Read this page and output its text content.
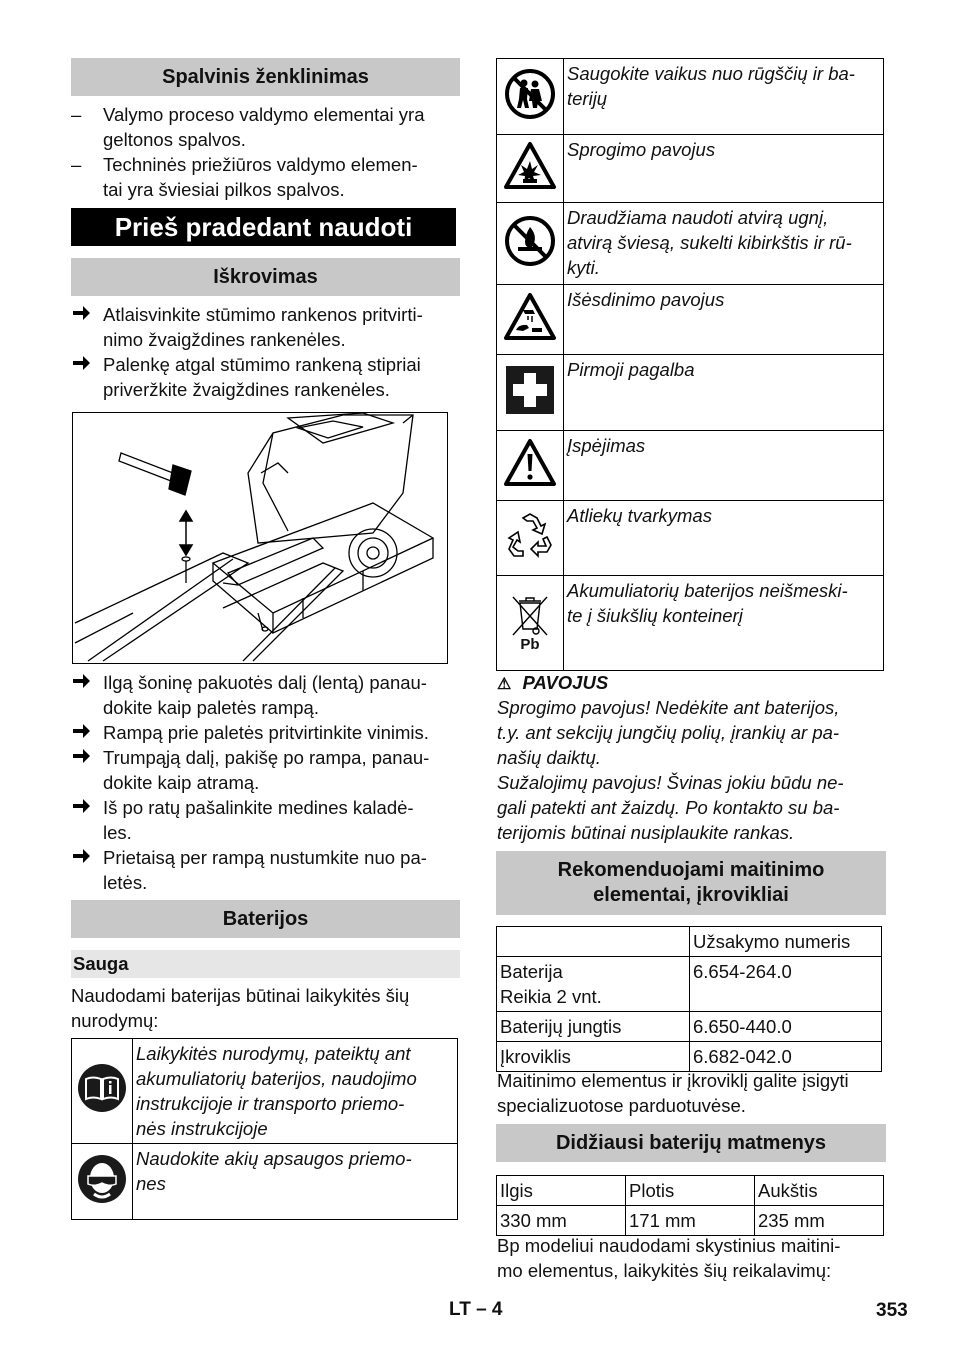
Spalvinis ženklinimas
– Valymo proceso valdymo elementai yra
geltonos spalvos.
– Techninės priežiūros valdymo elemen-
tai yra šviesiai pilkos spalvos.
Prieš pradedant naudoti
Iškrovimas
Atlaisvinkite stūmimo rankenos pritvirti-
nimo žvaigždines rankenėles.
Palenkę atgal stūmimo rankeną stipriai
priveržkite žvaigždines rankenėles.
Ilgą šoninę pakuotės dalį (lentą) panau-
dokite kaip paletės rampą.
Rampą prie paletės pritvirtinkite vinimis.
Trumpąją dalį, pakišę po rampa, panau-
dokite kaip atramą.
Iš po ratų pašalinkite medines kaladė-
les.
Prietaisą per rampą nustumkite nuo pa-
letės.
Baterijos
Sauga
Naudodami baterijas būtinai laikykitės šių
nurodymų:

Laikykitės nurodymų, pateiktų ant
akumuliatorių baterijos, naudojimo
instrukcijoje ir transporto priemo-
nės instrukcijoje

Naudokite akių apsaugos priemo-
nes

Saugokite vaikus nuo rūgščių ir ba-
terijų

Sprogimo pavojus

Draudžiama naudoti atvirą ugnį,
atvirą šviesą, sukelti kibirkštis ir rū-
kyti.

Išėsdinimo pavojus

Pirmoji pagalba

Įspėjimas

Atliekų tvarkymas

Pb	Akumuliatorių baterijos neišmeski-
te į šiukšlių konteinerį
⚠ PAVOJUS
Sprogimo pavojus! Nedėkite ant baterijos,
t.y. ant sekcijų jungčių polių, įrankių ar pa-
našių daiktų.
Sužalojimų pavojus! Švinas jokiu būdu ne-
gali patekti ant žaizdų. Po kontakto su ba-
terijomis būtinai nusiplaukite rankas.
Rekomenduojami maitinimo
elementai, įkrovikliai
	Užsakymo numeris

Baterija
Reikia 2 vnt.	6.654-264.0
Baterijų jungtis	6.650-440.0
Įkroviklis	6.682-042.0
Maitinimo elementus ir įkroviklį galite įsigyti
specializuotose parduotuvėse.
Didžiausi baterijų matmenys
Ilgis	Plotis	Aukštis
330 mm	171 mm	235 mm
Bp modeliui naudodami skystinius maitini-
mo elementus, laikykitės šių reikalavimų:
LT – 4	353
